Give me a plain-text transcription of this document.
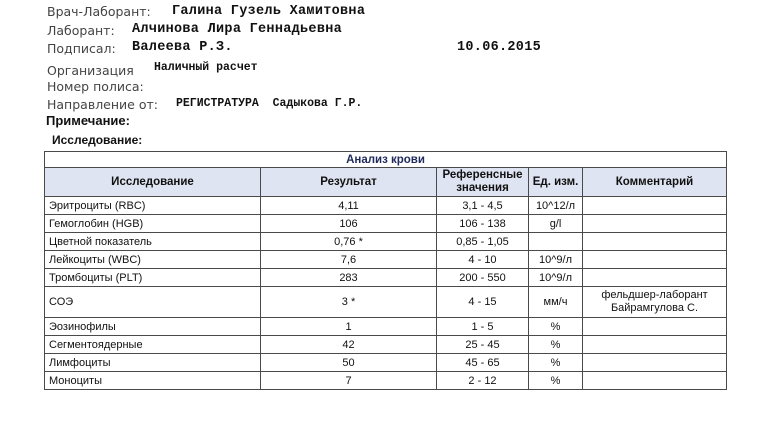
Врач-Лаборант: Галина Гузель Хамитовна
Лаборант: Алчинова Лира Геннадьевна
Подписал: Валеева Р.З.	10.06.2015
Организация Наличный расчет
Номер полиса:
Направление от: РЕГИСТРАТУРА  Садыкова Г.Р.
Примечание:
Исследование:
Анализ крови				
Исследование	Результат	Референсные значения	Ед. изм.	Комментарий
Эритроциты (RBC)	4,11	3,1 - 4,5	10^12/л	
Гемоглобин (HGB)	106	106 - 138	g/l	
Цветной показатель	0,76 *	0,85 - 1,05		
Лейкоциты (WBC)	7,6	4 - 10	10^9/л	
Тромбоциты (PLT)	283	200 - 550	10^9/л	
СОЭ	3 *	4 - 15	мм/ч	фельдшер-лаборант Байрамгулова С.
Эозинофилы	1	1 - 5	%	
Сегментоядерные	42	25 - 45	%	
Лимфоциты	50	45 - 65	%	
Моноциты	7	2 - 12	%	
